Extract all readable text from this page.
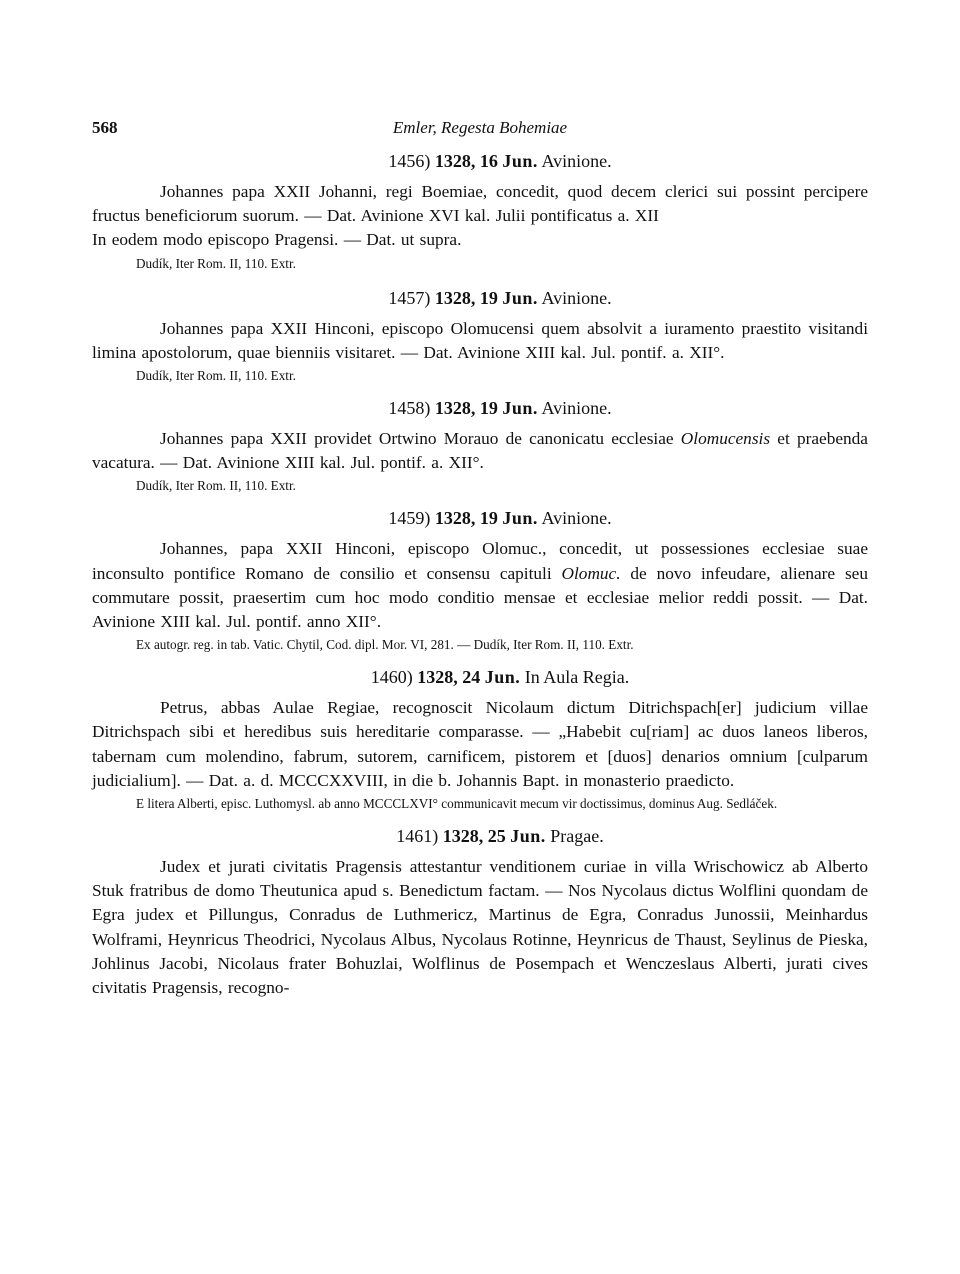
568	Emler, Regesta Bohemiae
1456) 1328, 16 Jun. Avinione.

Johannes papa XXII Johanni, regi Boemiae, concedit, quod decem clerici sui possint percipere fructus beneficiorum suorum. — Dat. Avinione XVI kal. Julii pontificatus a. XII

In eodem modo episcopo Pragensi. — Dat. ut supra.

Dudík, Iter Rom. II, 110. Extr.
1457) 1328, 19 Jun. Avinione.

Johannes papa XXII Hinconi, episcopo Olomucensi quem absolvit a iuramento praestito visitandi limina apostolorum, quae bienniis visitaret. — Dat. Avinione XIII kal. Jul. pontif. a. XII°.

Dudík, Iter Rom. II, 110. Extr.
1458) 1328, 19 Jun. Avinione.

Johannes papa XXII providet Ortwino Morauo de canonicatu ecclesiae Olomucensis et praebenda vacatura. — Dat. Avinione XIII kal. Jul. pontif. a. XII°.

Dudík, Iter Rom. II, 110. Extr.
1459) 1328, 19 Jun. Avinione.

Johannes, papa XXII Hinconi, episcopo Olomuc., concedit, ut possessiones ecclesiae suae inconsulto pontifice Romano de consilio et consensu capituli Olomuc. de novo infeudare, alienare seu commutare possit, praesertim cum hoc modo conditio mensae et ecclesiae melior reddi possit. — Dat. Avinione XIII kal. Jul. pontif. anno XII°.

Ex autogr. reg. in tab. Vatic. Chytil, Cod. dipl. Mor. VI, 281. — Dudík, Iter Rom. II, 110. Extr.
1460) 1328, 24 Jun. In Aula Regia.

Petrus, abbas Aulae Regiae, recognoscit Nicolaum dictum Ditrichspach[er] judicium villae Ditrichspach sibi et heredibus suis hereditarie comparasse. — „Habebit cu[riam] ac duos laneos liberos, tabernam cum molendino, fabrum, sutorem, carnificem, pistorem et [duos] denarios omnium [culparum judicialium]. — Dat. a. d. MCCCXXVIII, in die b. Johannis Bapt. in monasterio praedicto.

E litera Alberti, episc. Luthomysl. ab anno MCCCLXVI° communicavit mecum vir doctissimus, dominus Aug. Sedláček.
1461) 1328, 25 Jun. Pragae.

Judex et jurati civitatis Pragensis attestantur venditionem curiae in villa Wrischowicz ab Alberto Stuk fratribus de domo Theutunica apud s. Benedictum factam. — Nos Nycolaus dictus Wolflini quondam de Egra judex et Pillungus, Conradus de Luthmericz, Martinus de Egra, Conradus Junossii, Meinhardus Wolframi, Heynricus Theodrici, Nycolaus Albus, Nycolaus Rotinne, Heynricus de Thaust, Seylinus de Pieska, Johlinus Jacobi, Nicolaus frater Bohuzlai, Wolflinus de Posempach et Wenczeslaus Alberti, jurati cives civitatis Pragensis, recogno-
